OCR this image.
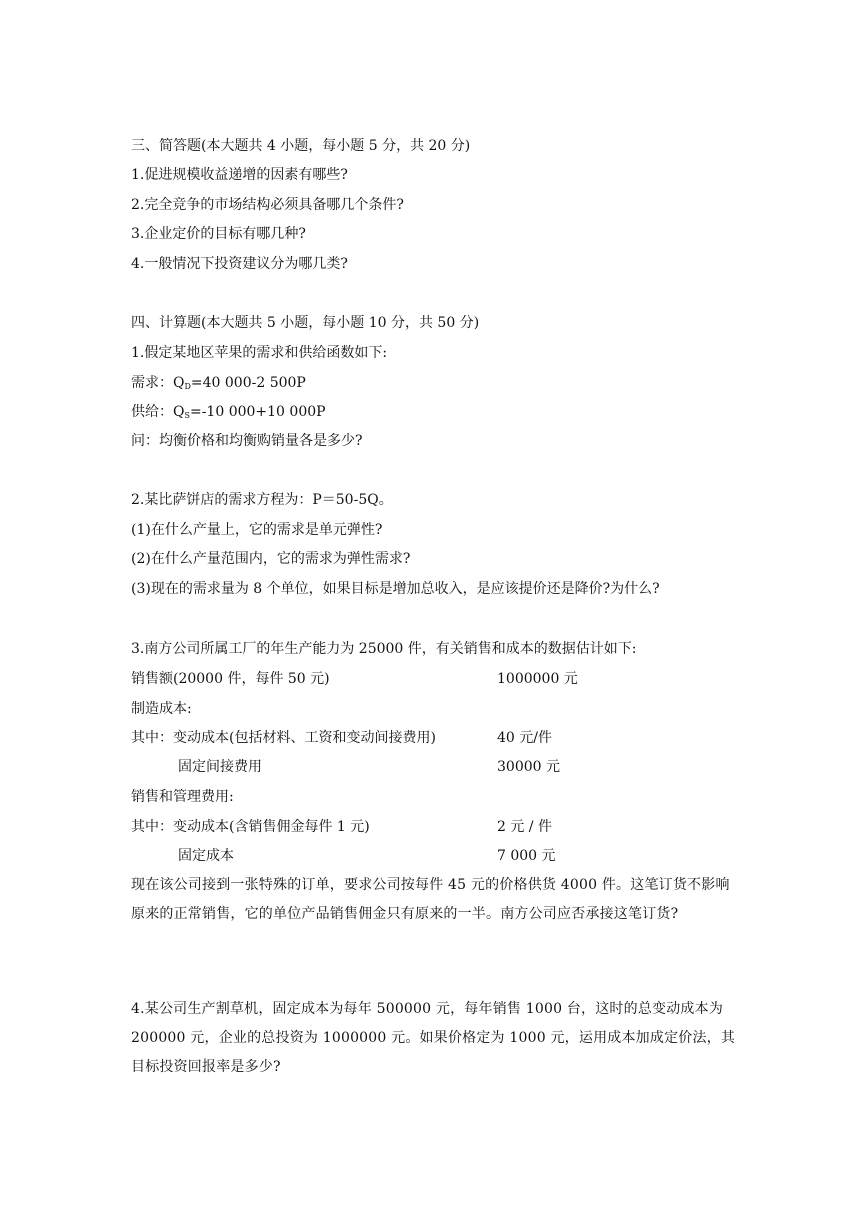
三、简答题(本大题共 4 小题，每小题 5 分，共 20 分)
1.促进规模收益递增的因素有哪些?
2.完全竞争的市场结构必须具备哪几个条件?
3.企业定价的目标有哪几种?
4.一般情况下投资建议分为哪几类?
四、计算题(本大题共 5 小题，每小题 10 分，共 50 分)
1.假定某地区苹果的需求和供给函数如下:
需求：$Q_D=40$ 000-2 500P
供给：$Q_S=-10$ 000+10 000P
问：均衡价格和均衡购销量各是多少?
2.某比萨饼店的需求方程为：P＝50-5Q。
(1)在什么产量上，它的需求是单元弹性?
(2)在什么产量范围内，它的需求为弹性需求?
(3)现在的需求量为 8 个单位，如果目标是增加总收入，是应该提价还是降价?为什么?
3.南方公司所属工厂的年生产能力为 25000 件，有关销售和成本的数据估计如下:
销售额(20000 件，每件 50 元)	1000000 元
制造成本:
其中：变动成本(包括材料、工资和变动间接费用)	40 元/件
固定间接费用	30000 元
销售和管理费用:
其中：变动成本(含销售佣金每件 1 元)	2 元 / 件
固定成本	7 000 元
现在该公司接到一张特殊的订单，要求公司按每件 45 元的价格供货 4000 件。这笔订货不影响原来的正常销售，它的单位产品销售佣金只有原来的一半。南方公司应否承接这笔订货?
4.某公司生产割草机，固定成本为每年 500000 元，每年销售 1000 台，这时的总变动成本为 200000 元，企业的总投资为 1000000 元。如果价格定为 1000 元，运用成本加成定价法，其目标投资回报率是多少?
